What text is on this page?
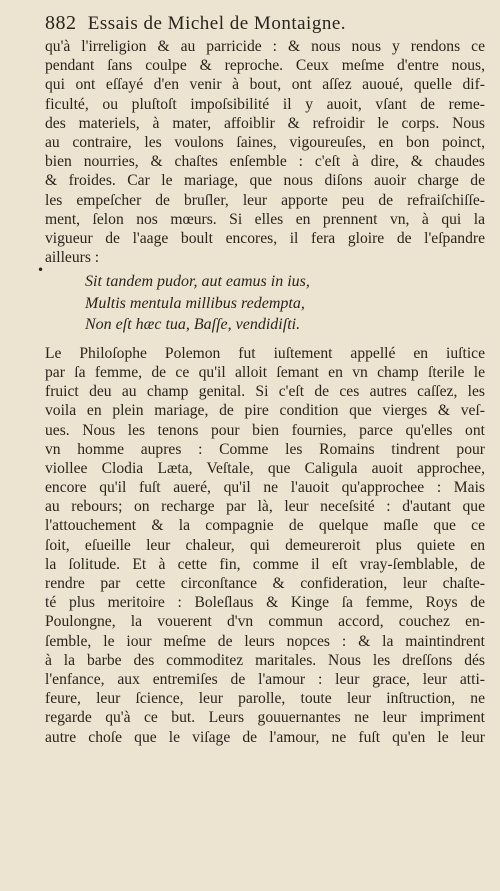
882 Essais de Michel de Montaigne.
•
qu'à l'irreligion & au parricide : & nous nous y rendons ce
pendant ſans coulpe & reproche. Ceux meſme d'entre nous,
qui ont eſſayé d'en venir à bout, ont aſſez auoué, quelle dif-
ficulté, ou pluſtoſt impoſsibilité il y auoit, vſant de reme-
des materiels, à mater, affoiblir & refroidir le corps. Nous
au contraire, les voulons ſaines, vigoureuſes, en bon poinct,
bien nourries, & chaſtes enſemble : c'eſt à dire, & chaudes
& froides. Car le mariage, que nous diſons auoir charge de
les empeſcher de bruſler, leur apporte peu de refraiſchiſſe-
ment, ſelon nos mœurs. Si elles en prennent vn, à qui la
vigueur de l'aage boult encores, il fera gloire de l'eſpandre
ailleurs :
Sit tandem pudor, aut eamus in ius,
Multis mentula millibus redempta,
Non eſt hæc tua, Baſſe, vendidiſti.
Le Philoſophe Polemon fut iuſtement appellé en iuſtice
par ſa femme, de ce qu'il alloit ſemant en vn champ ſterile le
fruict deu au champ genital. Si c'eſt de ces autres caſſez, les
voila en plein mariage, de pire condition que vierges & veſ-
ues. Nous les tenons pour bien fournies, parce qu'elles ont
vn homme aupres : Comme les Romains tindrent pour
viollee Clodia Læta, Veſtale, que Caligula auoit approchee,
encore qu'il fuſt aueré, qu'il ne l'auoit qu'approchee : Mais
au rebours; on recharge par là, leur neceſsité : d'autant que
l'attouchement & la compagnie de quelque maſle que ce
ſoit, eſueille leur chaleur, qui demeureroit plus quiete en
la ſolitude. Et à cette fin, comme il eſt vray-ſemblable, de
rendre par cette circonſtance & confideration, leur chaſte-
té plus meritoire : Boleſlaus & Kinge ſa femme, Roys de
Poulongne, la vouerent d'vn commun accord, couchez en-
ſemble, le iour meſme de leurs nopces : & la maintindrent
à la barbe des commoditez maritales. Nous les dreſſons dés
l'enfance, aux entremiſes de l'amour : leur grace, leur atti-
feure, leur ſcience, leur parolle, toute leur inſtruction, ne
regarde qu'à ce but. Leurs gouuernantes ne leur impriment
autre choſe que le viſage de l'amour, ne fuſt qu'en le leur
